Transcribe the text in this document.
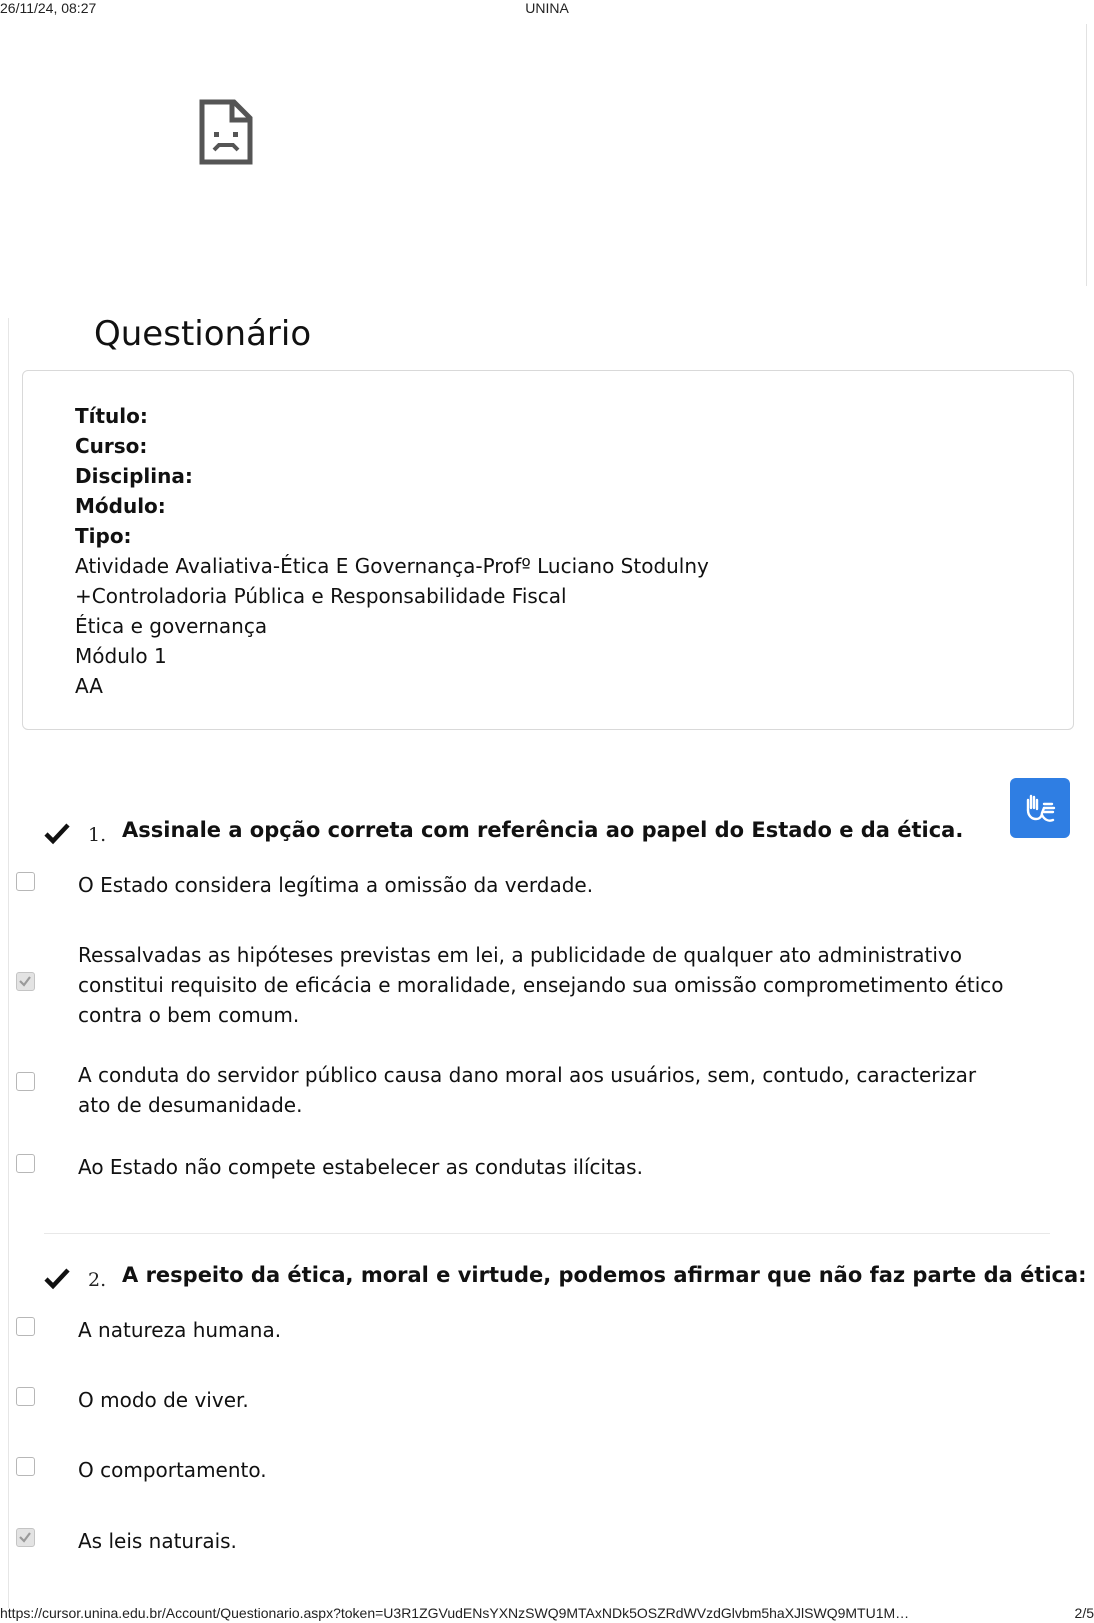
26/11/24, 08:27	UNINA
Questionário
Título:
Curso:
Disciplina:
Módulo:
Tipo:
Atividade Avaliativa-Ética E Governança-Profº Luciano Stodulny
+Controladoria Pública e Responsabilidade Fiscal
Ética e governança
Módulo 1
AA
1. Assinale a opção correta com referência ao papel do Estado e da ética.
O Estado considera legítima a omissão da verdade.
Ressalvadas as hipóteses previstas em lei, a publicidade de qualquer ato administrativo constitui requisito de eficácia e moralidade, ensejando sua omissão comprometimento ético contra o bem comum.
A conduta do servidor público causa dano moral aos usuários, sem, contudo, caracterizar ato de desumanidade.
Ao Estado não compete estabelecer as condutas ilícitas.
2. A respeito da ética, moral e virtude, podemos afirmar que não faz parte da ética:
A natureza humana.
O modo de viver.
O comportamento.
As leis naturais.
https://cursor.unina.edu.br/Account/Questionario.aspx?token=U3R1ZGVudENsYXNzSWQ9MTAxNDk5OSZRdWVzdGlvbm5haXJlSWQ9MTU1M…	2/5
